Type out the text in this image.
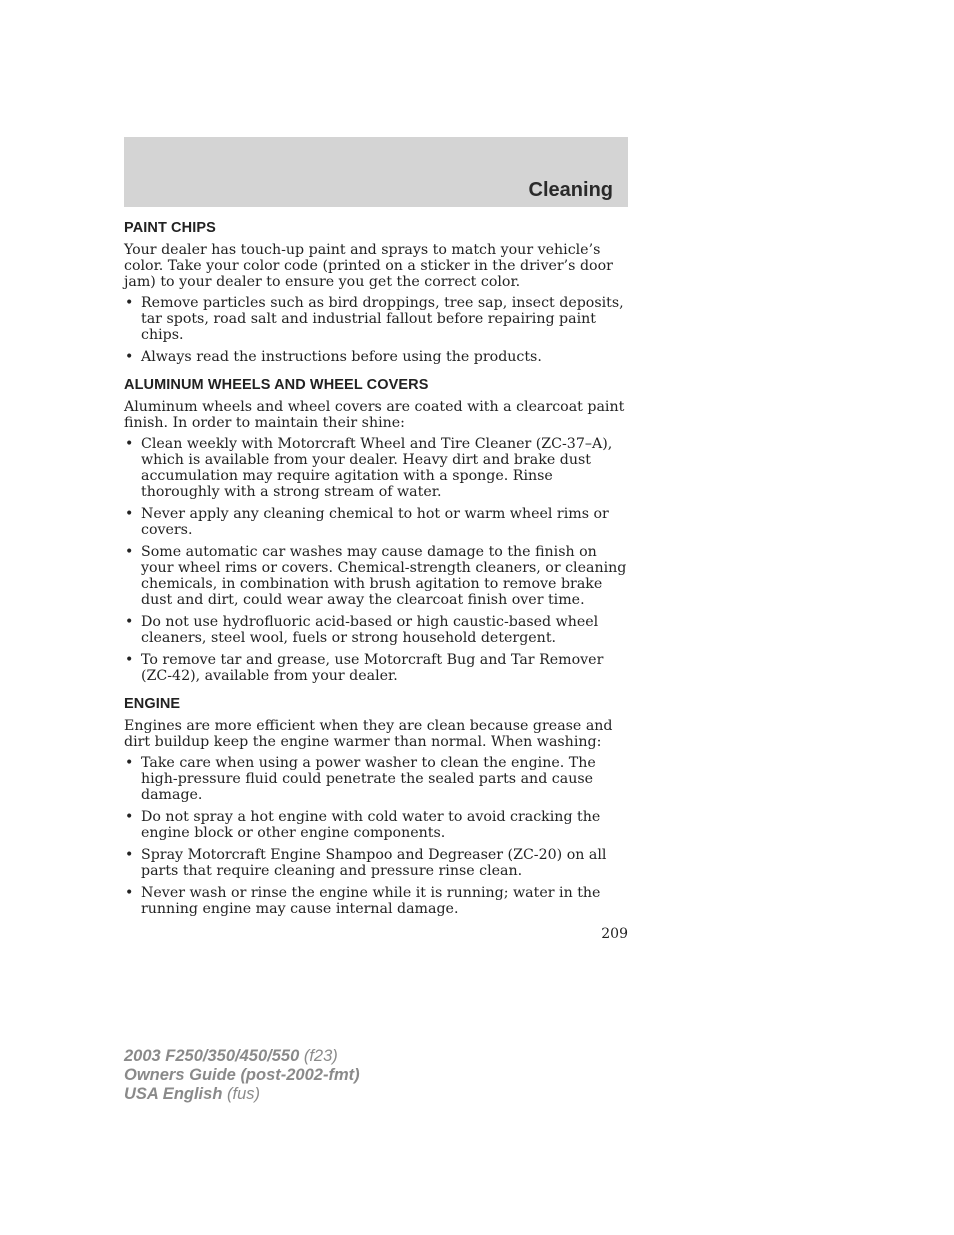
Cleaning
PAINT CHIPS

Your dealer has touch-up paint and sprays to match your vehicle’s color. Take your color code (printed on a sticker in the driver’s door jam) to your dealer to ensure you get the correct color.

• Remove particles such as bird droppings, tree sap, insect deposits, tar spots, road salt and industrial fallout before repairing paint chips.
• Always read the instructions before using the products.
ALUMINUM WHEELS AND WHEEL COVERS

Aluminum wheels and wheel covers are coated with a clearcoat paint finish. In order to maintain their shine:

• Clean weekly with Motorcraft Wheel and Tire Cleaner (ZC-37–A), which is available from your dealer. Heavy dirt and brake dust accumulation may require agitation with a sponge. Rinse thoroughly with a strong stream of water.
• Never apply any cleaning chemical to hot or warm wheel rims or covers.
• Some automatic car washes may cause damage to the finish on your wheel rims or covers. Chemical-strength cleaners, or cleaning chemicals, in combination with brush agitation to remove brake dust and dirt, could wear away the clearcoat finish over time.
• Do not use hydrofluoric acid-based or high caustic-based wheel cleaners, steel wool, fuels or strong household detergent.
• To remove tar and grease, use Motorcraft Bug and Tar Remover (ZC-42), available from your dealer.
ENGINE

Engines are more efficient when they are clean because grease and dirt buildup keep the engine warmer than normal. When washing:

• Take care when using a power washer to clean the engine. The high-pressure fluid could penetrate the sealed parts and cause damage.
• Do not spray a hot engine with cold water to avoid cracking the engine block or other engine components.
• Spray Motorcraft Engine Shampoo and Degreaser (ZC-20) on all parts that require cleaning and pressure rinse clean.
• Never wash or rinse the engine while it is running; water in the running engine may cause internal damage.
209
2003 F250/350/450/550 (f23)
Owners Guide (post-2002-fmt)
USA English (fus)
